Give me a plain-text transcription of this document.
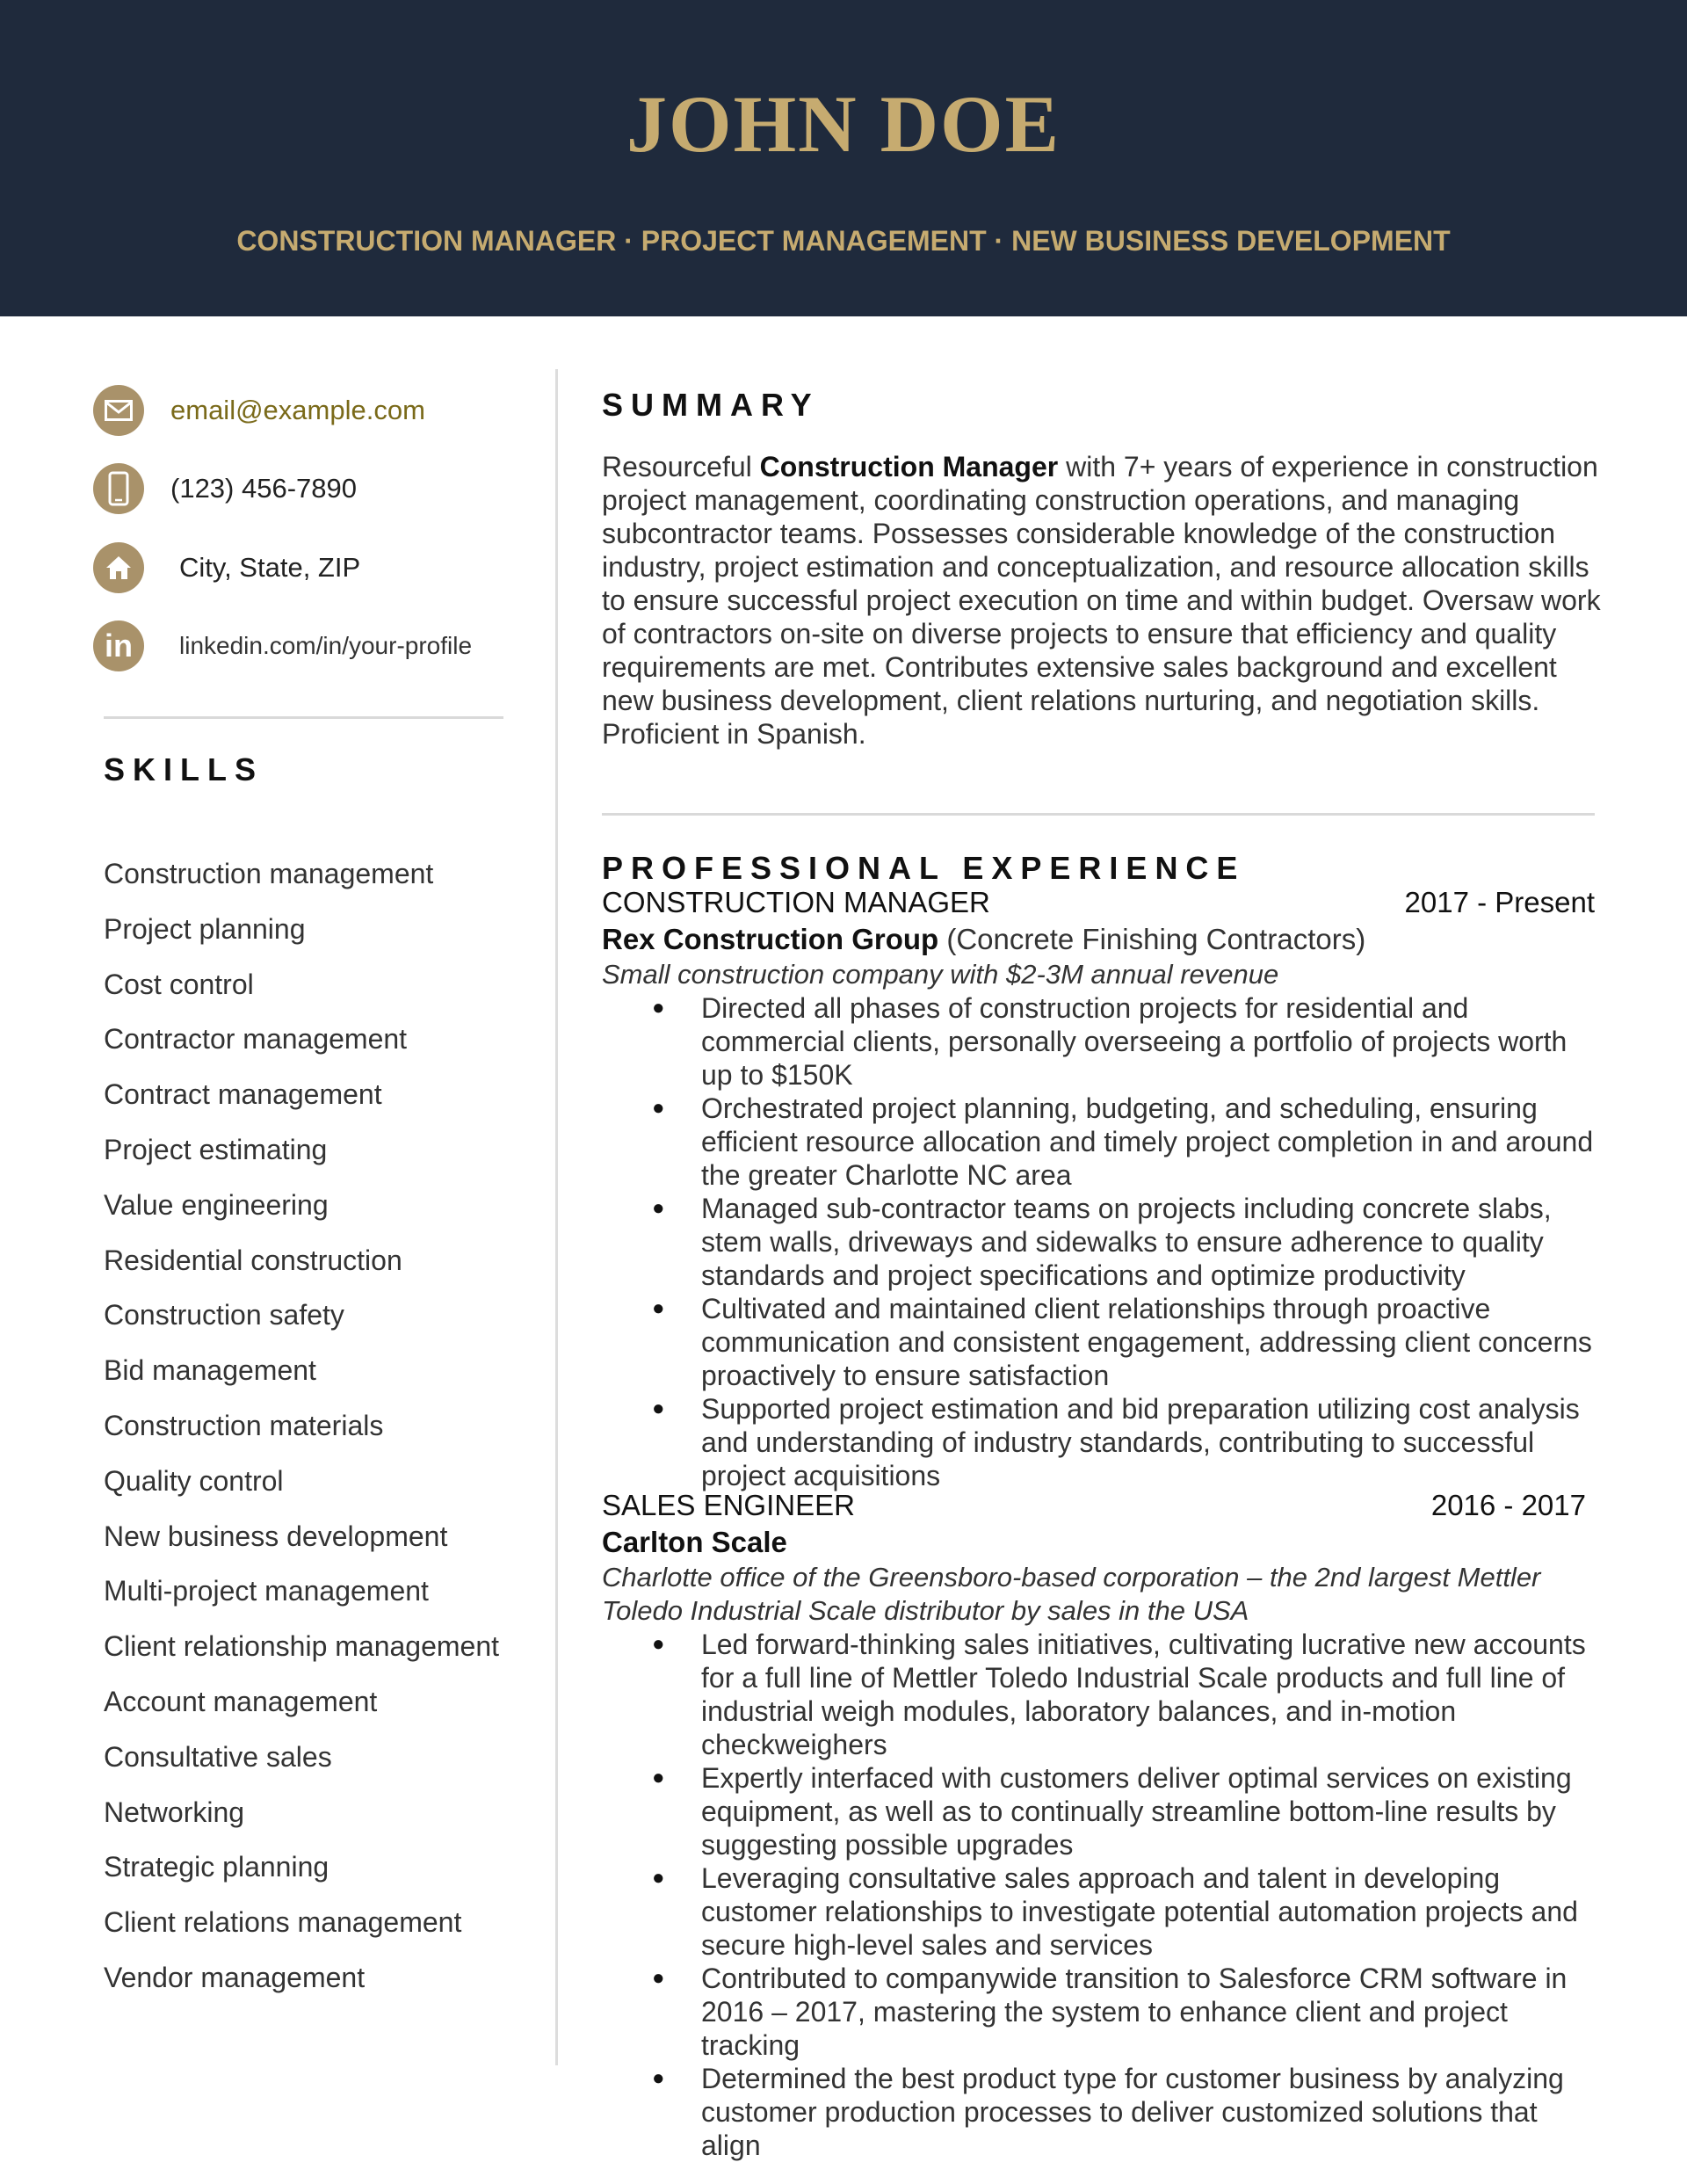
JOHN DOE
CONSTRUCTION MANAGER · PROJECT MANAGEMENT · NEW BUSINESS DEVELOPMENT
email@example.com
(123) 456-7890
City, State, ZIP
in linkedin.com/in/your-profile
SKILLS
Construction management
Project planning
Cost control
Contractor management
Contract management
Project estimating
Value engineering
Residential construction
Construction safety
Bid management
Construction materials
Quality control
New business development
Multi-project management
Client relationship management
Account management
Consultative sales
Networking
Strategic planning
Client relations management
Vendor management
SUMMARY
Resourceful Construction Manager with 7+ years of experience in construction project management, coordinating construction operations, and managing subcontractor teams. Possesses considerable knowledge of the construction industry, project estimation and conceptualization, and resource allocation skills to ensure successful project execution on time and within budget. Oversaw work of contractors on-site on diverse projects to ensure that efficiency and quality requirements are met. Contributes extensive sales background and excellent new business development, client relations nurturing, and negotiation skills. Proficient in Spanish.
PROFESSIONAL EXPERIENCE
CONSTRUCTION MANAGER	2017 - Present
Rex Construction Group (Concrete Finishing Contractors)
Small construction company with $2-3M annual revenue
● Directed all phases of construction projects for residential and commercial clients, personally overseeing a portfolio of projects worth up to $150K
● Orchestrated project planning, budgeting, and scheduling, ensuring efficient resource allocation and timely project completion in and around the greater Charlotte NC area
● Managed sub-contractor teams on projects including concrete slabs, stem walls, driveways and sidewalks to ensure adherence to quality standards and project specifications and optimize productivity
● Cultivated and maintained client relationships through proactive communication and consistent engagement, addressing client concerns proactively to ensure satisfaction
● Supported project estimation and bid preparation utilizing cost analysis and understanding of industry standards, contributing to successful project acquisitions
SALES ENGINEER	2016 - 2017
Carlton Scale
Charlotte office of the Greensboro-based corporation – the 2nd largest Mettler Toledo Industrial Scale distributor by sales in the USA
● Led forward-thinking sales initiatives, cultivating lucrative new accounts for a full line of Mettler Toledo Industrial Scale products and full line of industrial weigh modules, laboratory balances, and in-motion checkweighers
● Expertly interfaced with customers deliver optimal services on existing equipment, as well as to continually streamline bottom-line results by suggesting possible upgrades
● Leveraging consultative sales approach and talent in developing customer relationships to investigate potential automation projects and secure high-level sales and services
● Contributed to companywide transition to Salesforce CRM software in 2016 – 2017, mastering the system to enhance client and project tracking
● Determined the best product type for customer business by analyzing customer production processes to deliver customized solutions that align
